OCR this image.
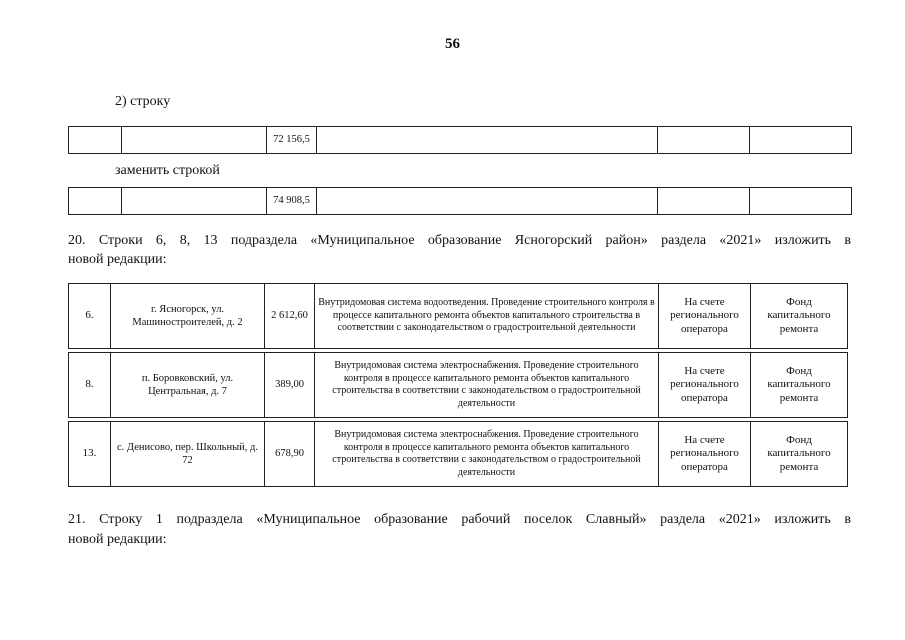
56
2) строку
		72 156,5			
заменить строкой
		74 908,5			
20. Строки 6, 8, 13 подраздела «Муниципальное образование Ясногорский район» раздела «2021» изложить в
новой редакции:
6.	г. Ясногорск, ул. Машиностроителей, д. 2	2 612,60	Внутридомовая система водоотведения. Проведение строительного контроля в процессе капитального ремонта объектов капитального строительства в соответствии с законодательством о градостроительной деятельности	На счете регионального оператора	Фонд капитального ремонта
8.	п. Боровковский, ул. Центральная, д. 7	389,00	Внутридомовая система электроснабжения. Проведение строительного контроля в процессе капитального ремонта объектов капитального строительства в соответствии с законодательством о градостроительной деятельности	На счете регионального оператора	Фонд капитального ремонта
13.	с. Денисово, пер. Школьный, д. 72	678,90	Внутридомовая система электроснабжения. Проведение строительного контроля в процессе капитального ремонта объектов капитального строительства в соответствии с законодательством о градостроительной деятельности	На счете регионального оператора	Фонд капитального ремонта
21. Строку 1 подраздела «Муниципальное образование рабочий поселок Славный» раздела «2021» изложить в
новой редакции:
